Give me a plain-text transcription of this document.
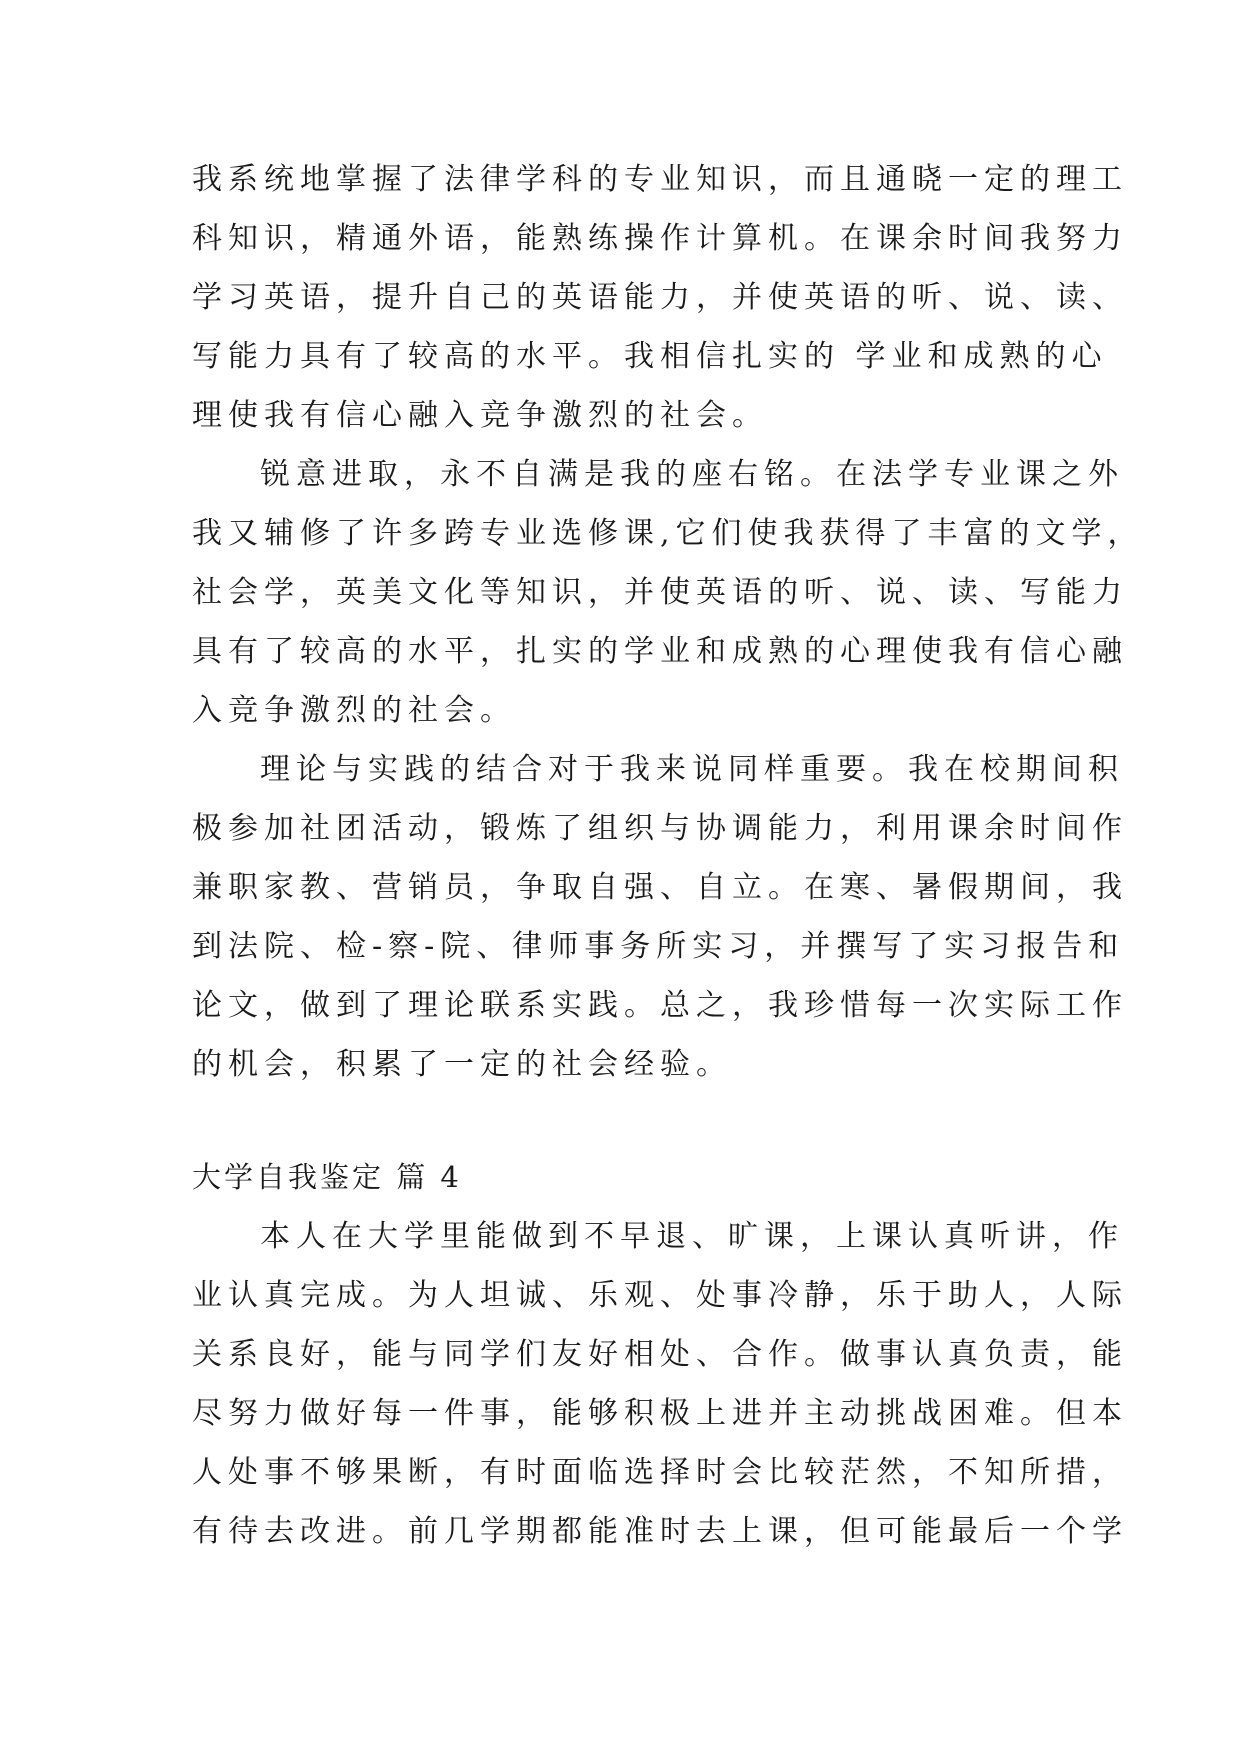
我系统地掌握了法律学科的专业知识，而且通晓一定的理工
科知识，精通外语，能熟练操作计算机。在课余时间我努力
学习英语，提升自己的英语能力，并使英语的听、说、读、
写能力具有了较高的水平。我相信扎实的 学业和成熟的心
理使我有信心融入竞争激烈的社会。
锐意进取，永不自满是我的座右铭。在法学专业课之外
我又辅修了许多跨专业选修课,它们使我获得了丰富的文学，
社会学，英美文化等知识，并使英语的听、说、读、写能力
具有了较高的水平，扎实的学业和成熟的心理使我有信心融
入竞争激烈的社会。
理论与实践的结合对于我来说同样重要。我在校期间积
极参加社团活动，锻炼了组织与协调能力，利用课余时间作
兼职家教、营销员，争取自强、自立。在寒、暑假期间，我
到法院、检-察-院、律师事务所实习，并撰写了实习报告和
论文，做到了理论联系实践。总之，我珍惜每一次实际工作
的机会，积累了一定的社会经验。
大学自我鉴定 篇 4
本人在大学里能做到不早退、旷课，上课认真听讲，作
业认真完成。为人坦诚、乐观、处事冷静，乐于助人，人际
关系良好，能与同学们友好相处、合作。做事认真负责，能
尽努力做好每一件事，能够积极上进并主动挑战困难。但本
人处事不够果断，有时面临选择时会比较茫然，不知所措，
有待去改进。前几学期都能准时去上课，但可能最后一个学
